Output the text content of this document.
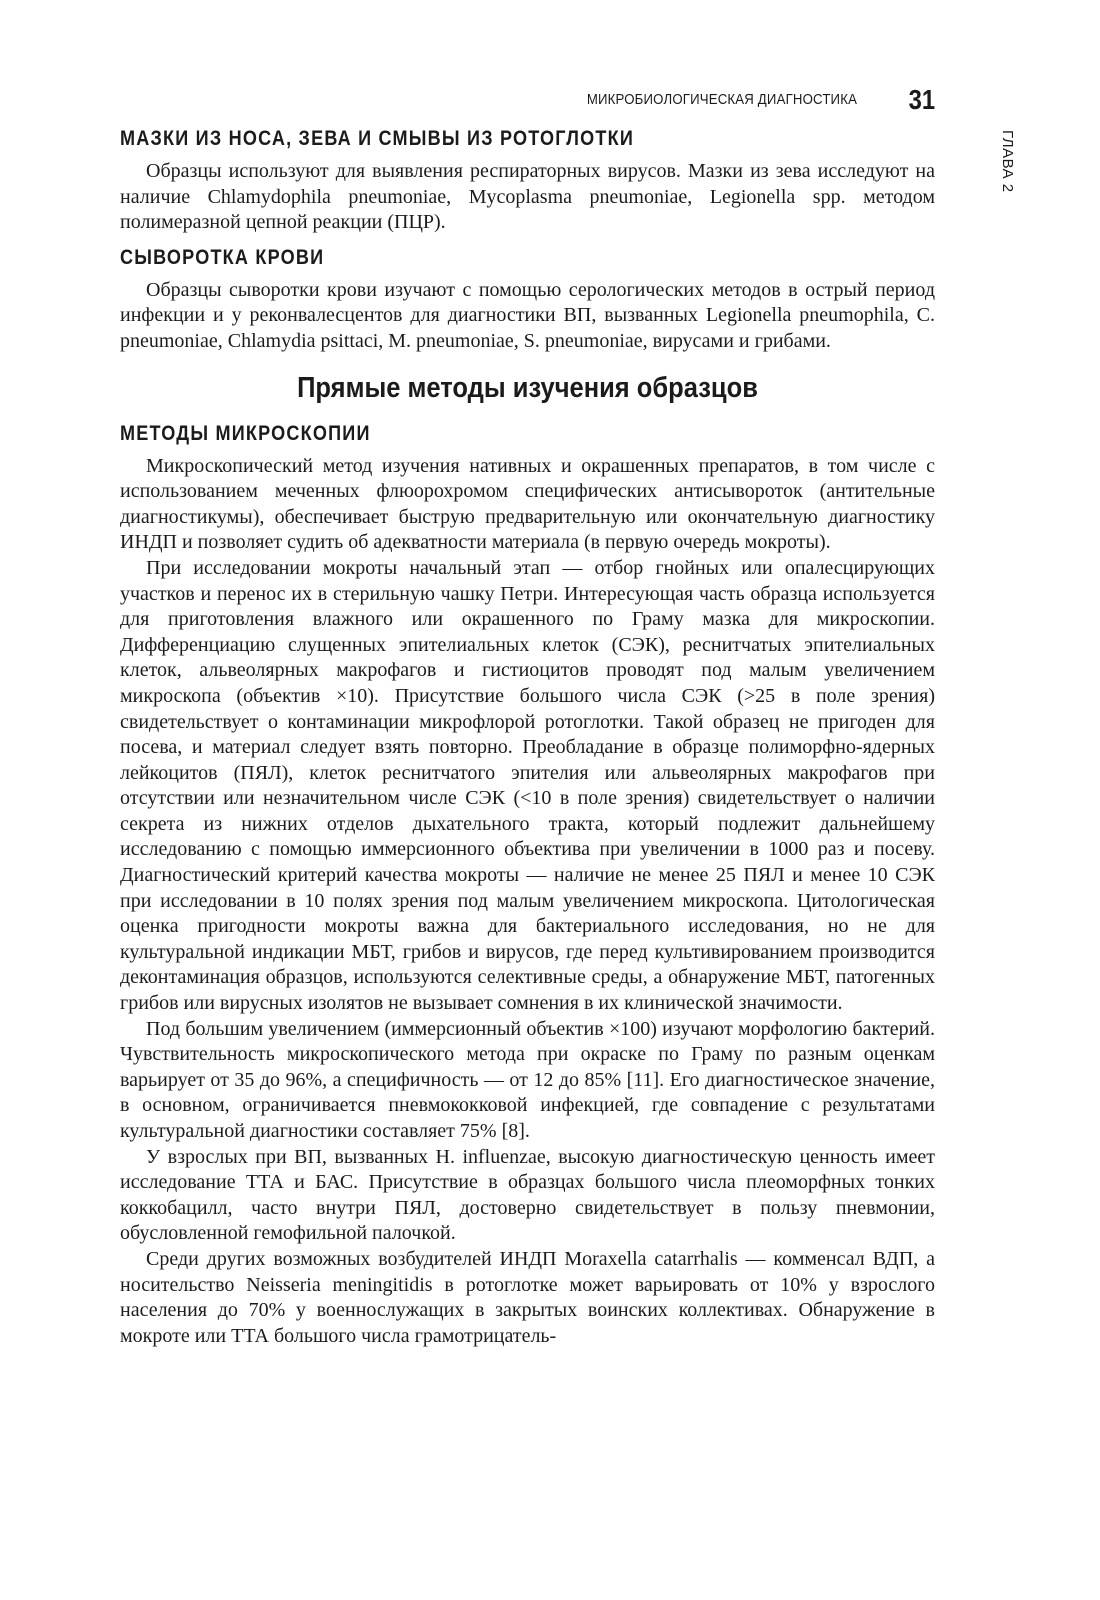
МИКРОБИОЛОГИЧЕСКАЯ ДИАГНОСТИКА 31
ГЛАВА 2
МАЗКИ ИЗ НОСА, ЗЕВА И СМЫВЫ ИЗ РОТОГЛОТКИ

Образцы используют для выявления респираторных вирусов. Мазки из зева исследуют на наличие Chlamydophila pneumoniae, Mycoplasma pneumoniae, Legionella spp. методом полимеразной цепной реакции (ПЦР).

СЫВОРОТКА КРОВИ

Образцы сыворотки крови изучают с помощью серологических методов в острый период инфекции и у реконвалесцентов для диагностики ВП, вызванных Legionella pneumophila, C. pneumoniae, Chlamydia psittaci, M. pneumoniae, S. pneumoniae, вирусами и грибами.

Прямые методы изучения образцов
МЕТОДЫ МИКРОСКОПИИ

Микроскопический метод изучения нативных и окрашенных препаратов, в том числе с использованием меченных флюорохромом специфических антисывороток (антительные диагностикумы), обеспечивает быструю предварительную или окончательную диагностику ИНДП и позволяет судить об адекватности материала (в первую очередь мокроты).

При исследовании мокроты начальный этап — отбор гнойных или опалесцирующих участков и перенос их в стерильную чашку Петри. Интересующая часть образца используется для приготовления влажного или окрашенного по Граму мазка для микроскопии. Дифференциацию слущенных эпителиальных клеток (СЭК), реснитчатых эпителиальных клеток, альвеолярных макрофагов и гистиоцитов проводят под малым увеличением микроскопа (объектив ×10). Присутствие большого числа СЭК (>25 в поле зрения) свидетельствует о контаминации микрофлорой ротоглотки. Такой образец не пригоден для посева, и материал следует взять повторно. Преобладание в образце полиморфно-ядерных лейкоцитов (ПЯЛ), клеток реснитчатого эпителия или альвеолярных макрофагов при отсутствии или незначительном числе СЭК (<10 в поле зрения) свидетельствует о наличии секрета из нижних отделов дыхательного тракта, который подлежит дальнейшему исследованию с помощью иммерсионного объектива при увеличении в 1000 раз и посеву. Диагностический критерий качества мокроты — наличие не менее 25 ПЯЛ и менее 10 СЭК при исследовании в 10 полях зрения под малым увеличением микроскопа. Цитологическая оценка пригодности мокроты важна для бактериального исследования, но не для культуральной индикации МБТ, грибов и вирусов, где перед культивированием производится деконтаминация образцов, используются селективные среды, а обнаружение МБТ, патогенных грибов или вирусных изолятов не вызывает сомнения в их клинической значимости.

Под большим увеличением (иммерсионный объектив ×100) изучают морфологию бактерий. Чувствительность микроскопического метода при окраске по Граму по разным оценкам варьирует от 35 до 96%, а специфичность — от 12 до 85% [11]. Его диагностическое значение, в основном, ограничивается пневмококковой инфекцией, где совпадение с результатами культуральной диагностики составляет 75% [8].

У взрослых при ВП, вызванных H. influenzae, высокую диагностическую ценность имеет исследование ТТА и БАС. Присутствие в образцах большого числа плеоморфных тонких коккобацилл, часто внутри ПЯЛ, достоверно свидетельствует в пользу пневмонии, обусловленной гемофильной палочкой.

Среди других возможных возбудителей ИНДП Moraxella catarrhalis — комменсал ВДП, а носительство Neisseria meningitidis в ротоглотке может варьировать от 10% у взрослого населения до 70% у военнослужащих в закрытых воинских коллективах. Обнаружение в мокроте или ТТА большого числа грамотрицатель-
